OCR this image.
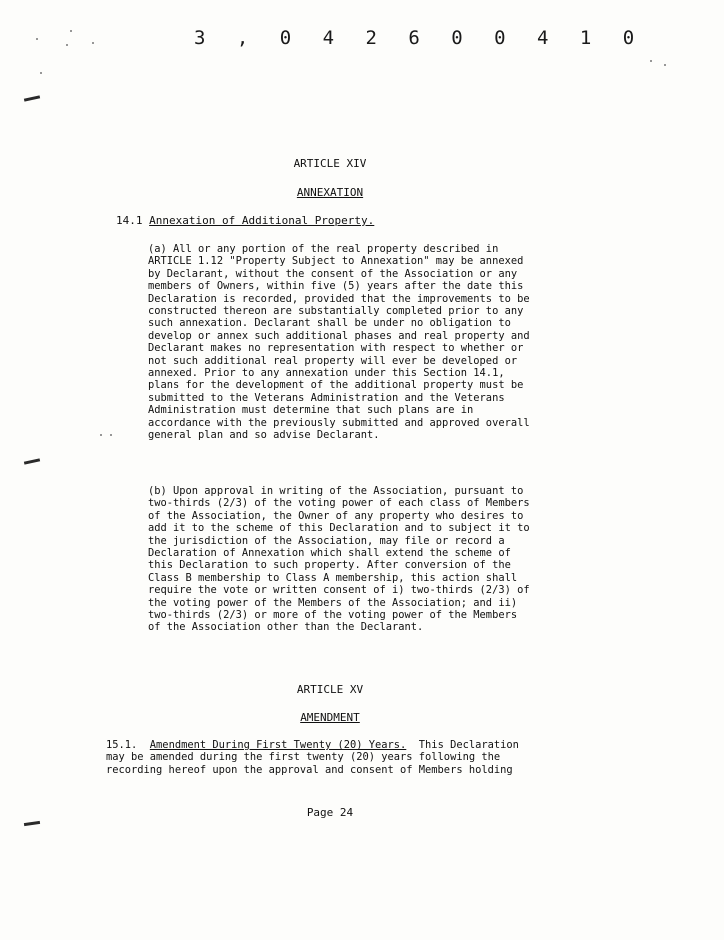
3 , 0 4 2 6 0 0 4 1 0
ARTICLE XIV
ANNEXATION
14.1 Annexation of Additional Property.
(a) All or any portion of the real property described in
ARTICLE 1.12 "Property Subject to Annexation" may be annexed
by Declarant, without the consent of the Association or any
members of Owners, within five (5) years after the date this
Declaration is recorded, provided that the improvements to be
constructed thereon are substantially completed prior to any
such annexation. Declarant shall be under no obligation to
develop or annex such additional phases and real property and
Declarant makes no representation with respect to whether or
not such additional real property will ever be developed or
annexed. Prior to any annexation under this Section 14.1,
plans for the development of the additional property must be
submitted to the Veterans Administration and the Veterans
Administration must determine that such plans are in
accordance with the previously submitted and approved overall
general plan and so advise Declarant.
(b) Upon approval in writing of the Association, pursuant to
two-thirds (2/3) of the voting power of each class of Members
of the Association, the Owner of any property who desires to
add it to the scheme of this Declaration and to subject it to
the jurisdiction of the Association, may file or record a
Declaration of Annexation which shall extend the scheme of
this Declaration to such property. After conversion of the
Class B membership to Class A membership, this action shall
require the vote or written consent of i) two-thirds (2/3) of
the voting power of the Members of the Association; and ii)
two-thirds (2/3) or more of the voting power of the Members
of the Association other than the Declarant.
ARTICLE XV
AMENDMENT
15.1. Amendment During First Twenty (20) Years. This Declaration
may be amended during the first twenty (20) years following the
recording hereof upon the approval and consent of Members holding
Page 24
